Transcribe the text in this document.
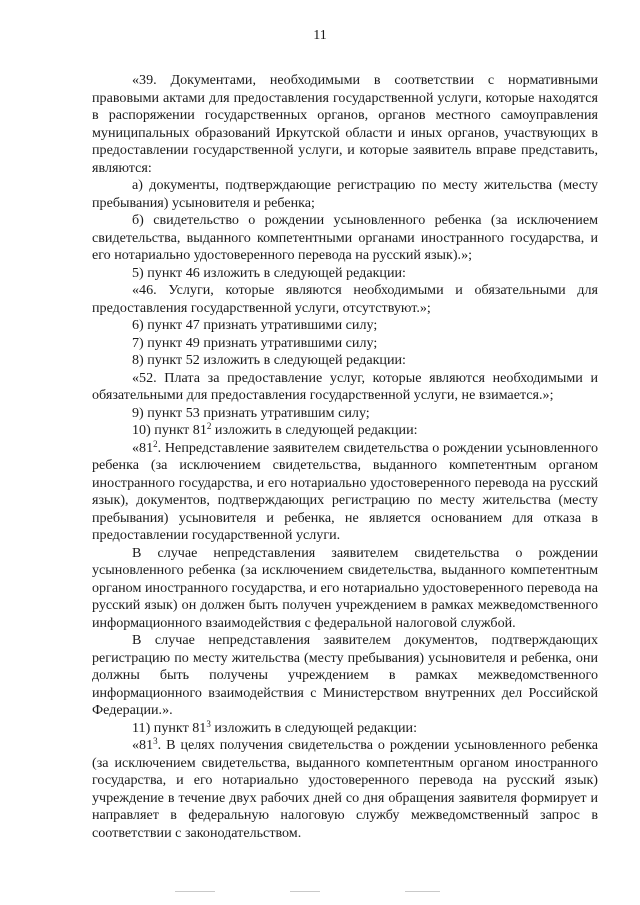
11

«39. Документами, необходимыми в соответствии с нормативными правовыми актами для предоставления государственной услуги, которые находятся в распоряжении государственных органов, органов местного самоуправления муниципальных образований Иркутской области и иных органов, участвующих в предоставлении государственной услуги, и которые заявитель вправе представить, являются:

а) документы, подтверждающие регистрацию по месту жительства (месту пребывания) усыновителя и ребенка;

б) свидетельство о рождении усыновленного ребенка (за исключением свидетельства, выданного компетентными органами иностранного государства, и его нотариально удостоверенного перевода на русский язык).»;

5) пункт 46 изложить в следующей редакции:

«46. Услуги, которые являются необходимыми и обязательными для предоставления государственной услуги, отсутствуют.»;

6) пункт 47 признать утратившими силу;

7) пункт 49 признать утратившими силу;

8) пункт 52 изложить в следующей редакции:

«52. Плата за предоставление услуг, которые являются необходимыми и обязательными для предоставления государственной услуги, не взимается.»;

9) пункт 53 признать утратившим силу;

10) пункт $81^2$ изложить в следующей редакции:

«$81^2$. Непредставление заявителем свидетельства о рождении усыновленного ребенка (за исключением свидетельства, выданного компетентным органом иностранного государства, и его нотариально удостоверенного перевода на русский язык), документов, подтверждающих регистрацию по месту жительства (месту пребывания) усыновителя и ребенка, не является основанием для отказа в предоставлении государственной услуги.

В случае непредставления заявителем свидетельства о рождении усыновленного ребенка (за исключением свидетельства, выданного компетентным органом иностранного государства, и его нотариально удостоверенного перевода на русский язык) он должен быть получен учреждением в рамках межведомственного информационного взаимодействия с федеральной налоговой службой.

В случае непредставления заявителем документов, подтверждающих регистрацию по месту жительства (месту пребывания) усыновителя и ребенка, они должны быть получены учреждением в рамках межведомственного информационного взаимодействия с Министерством внутренних дел Российской Федерации.».

11) пункт $81^3$ изложить в следующей редакции:

«$81^3$. В целях получения свидетельства о рождении усыновленного ребенка (за исключением свидетельства, выданного компетентным органом иностранного государства, и его нотариально удостоверенного перевода на русский язык) учреждение в течение двух рабочих дней со дня обращения заявителя формирует и направляет в федеральную налоговую службу межведомственный запрос в соответствии с законодательством.
